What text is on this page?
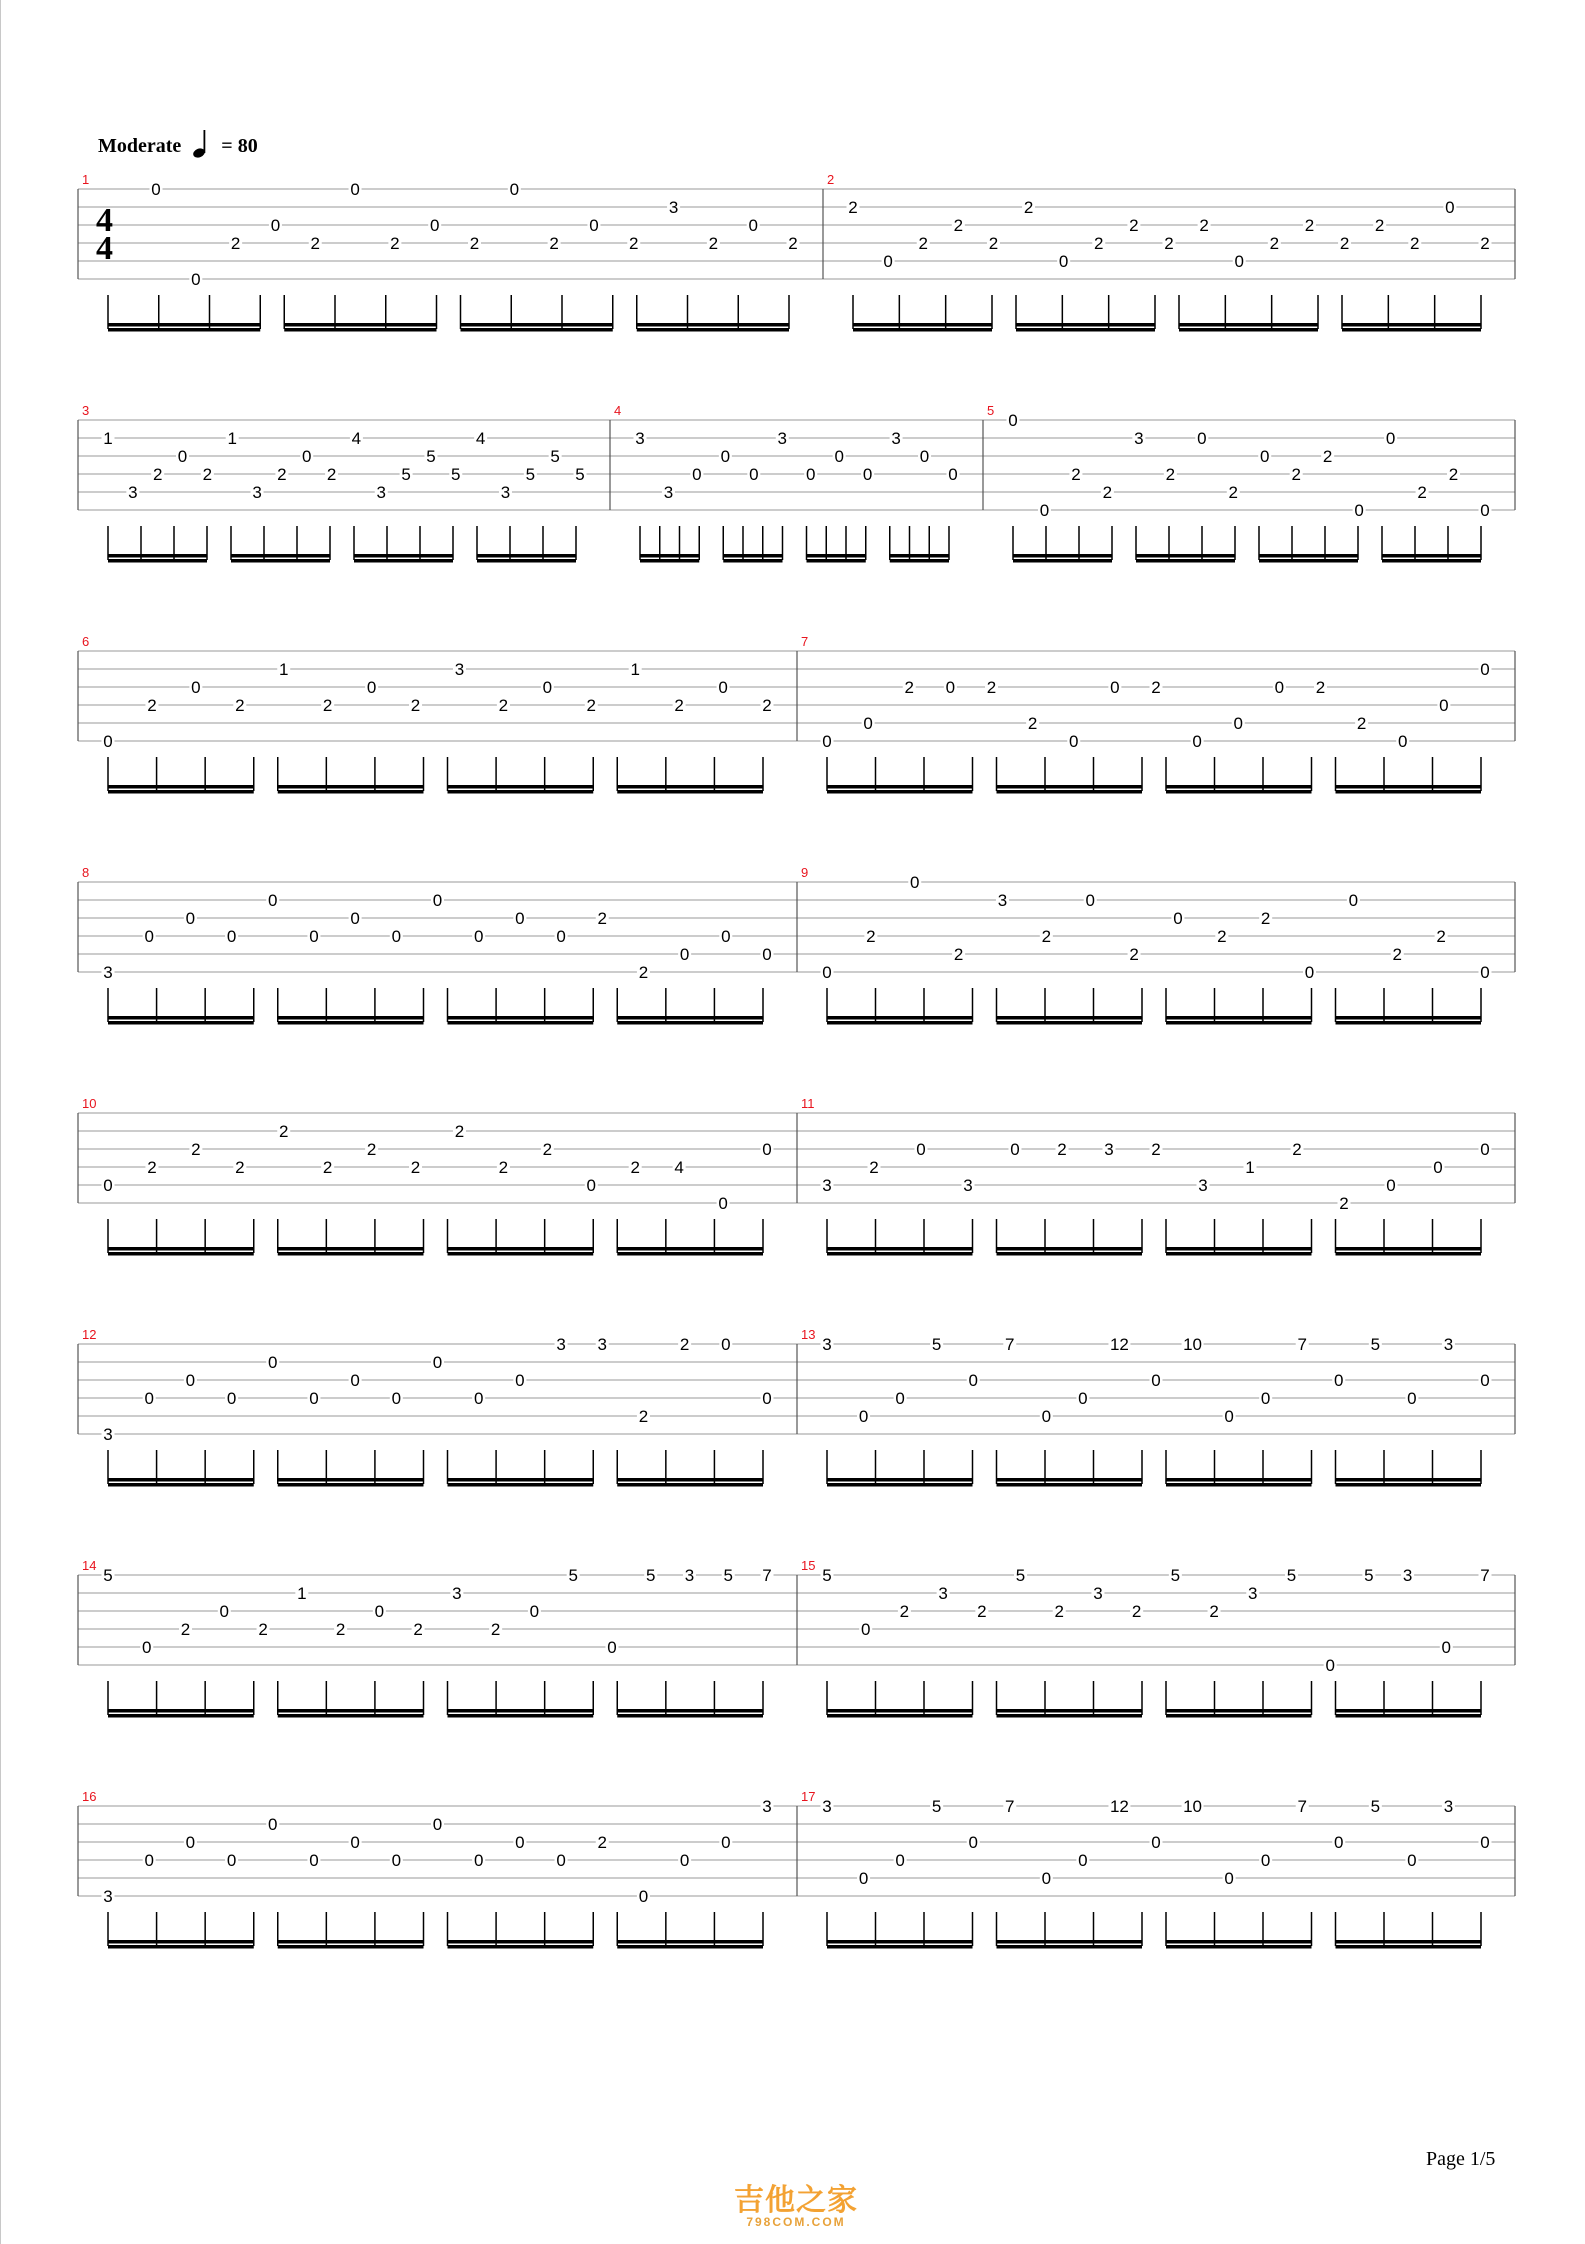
1
4
4
0
0
2
0
2
0
2
0
2
0
2
0
2
3
2
0
2
2
2
0
2
2
2
2
0
2
2
2
2
0
2
2
2
2
2
0
2
3
1
3
2
0
2
1
3
2
0
2
4
3
5
5
5
4
3
5
5
5
4
3
3
0
0
0
3
0
0
0
3
0
0
5
0
0
2
2
3
2
0
2
0
2
2
0
0
2
2
0
6
0
2
0
2
1
2
0
2
3
2
0
2
1
2
0
2
7
0
0
2 0 2
2
0
0 2
0
0
0 2
2
0
0
0
8
3
0
0
0
0
0
0
0
0
0
0
0
2
2
0
0
0
9
0
2
0
2
3
2
0
2
0
2
2
0
0
2
2
0
10
0
2
2
2
2
2
2
2
2
2
2
0
2 4
0
0
11
3
2
0
3
0 2 3 2
3
1
2
2
0
0
0
12
3
0
0
0
0
0
0
0
0
0
0
3 3
2
2 0
0
13
3
0
0
5
0
7
0
0
12
0
10
0
0
7
0
5
0
3
0
14
5
0
2
0
2
1
2
0
2
3
2
0
5
0
5 3 5 7
15
5
0
2
3
2
5
2
3
2
5
2
3
5
0
5 3
0
7
16
3
0
0
0
0
0
0
0
0
0
0
0
2
0
0
0
3
17
3
0
0
5
0
7
0
0
12
0
10
0
0
7
0
5
0
3
0
Moderate = 80
Page 1/5
吉他之家
798COM.COM
